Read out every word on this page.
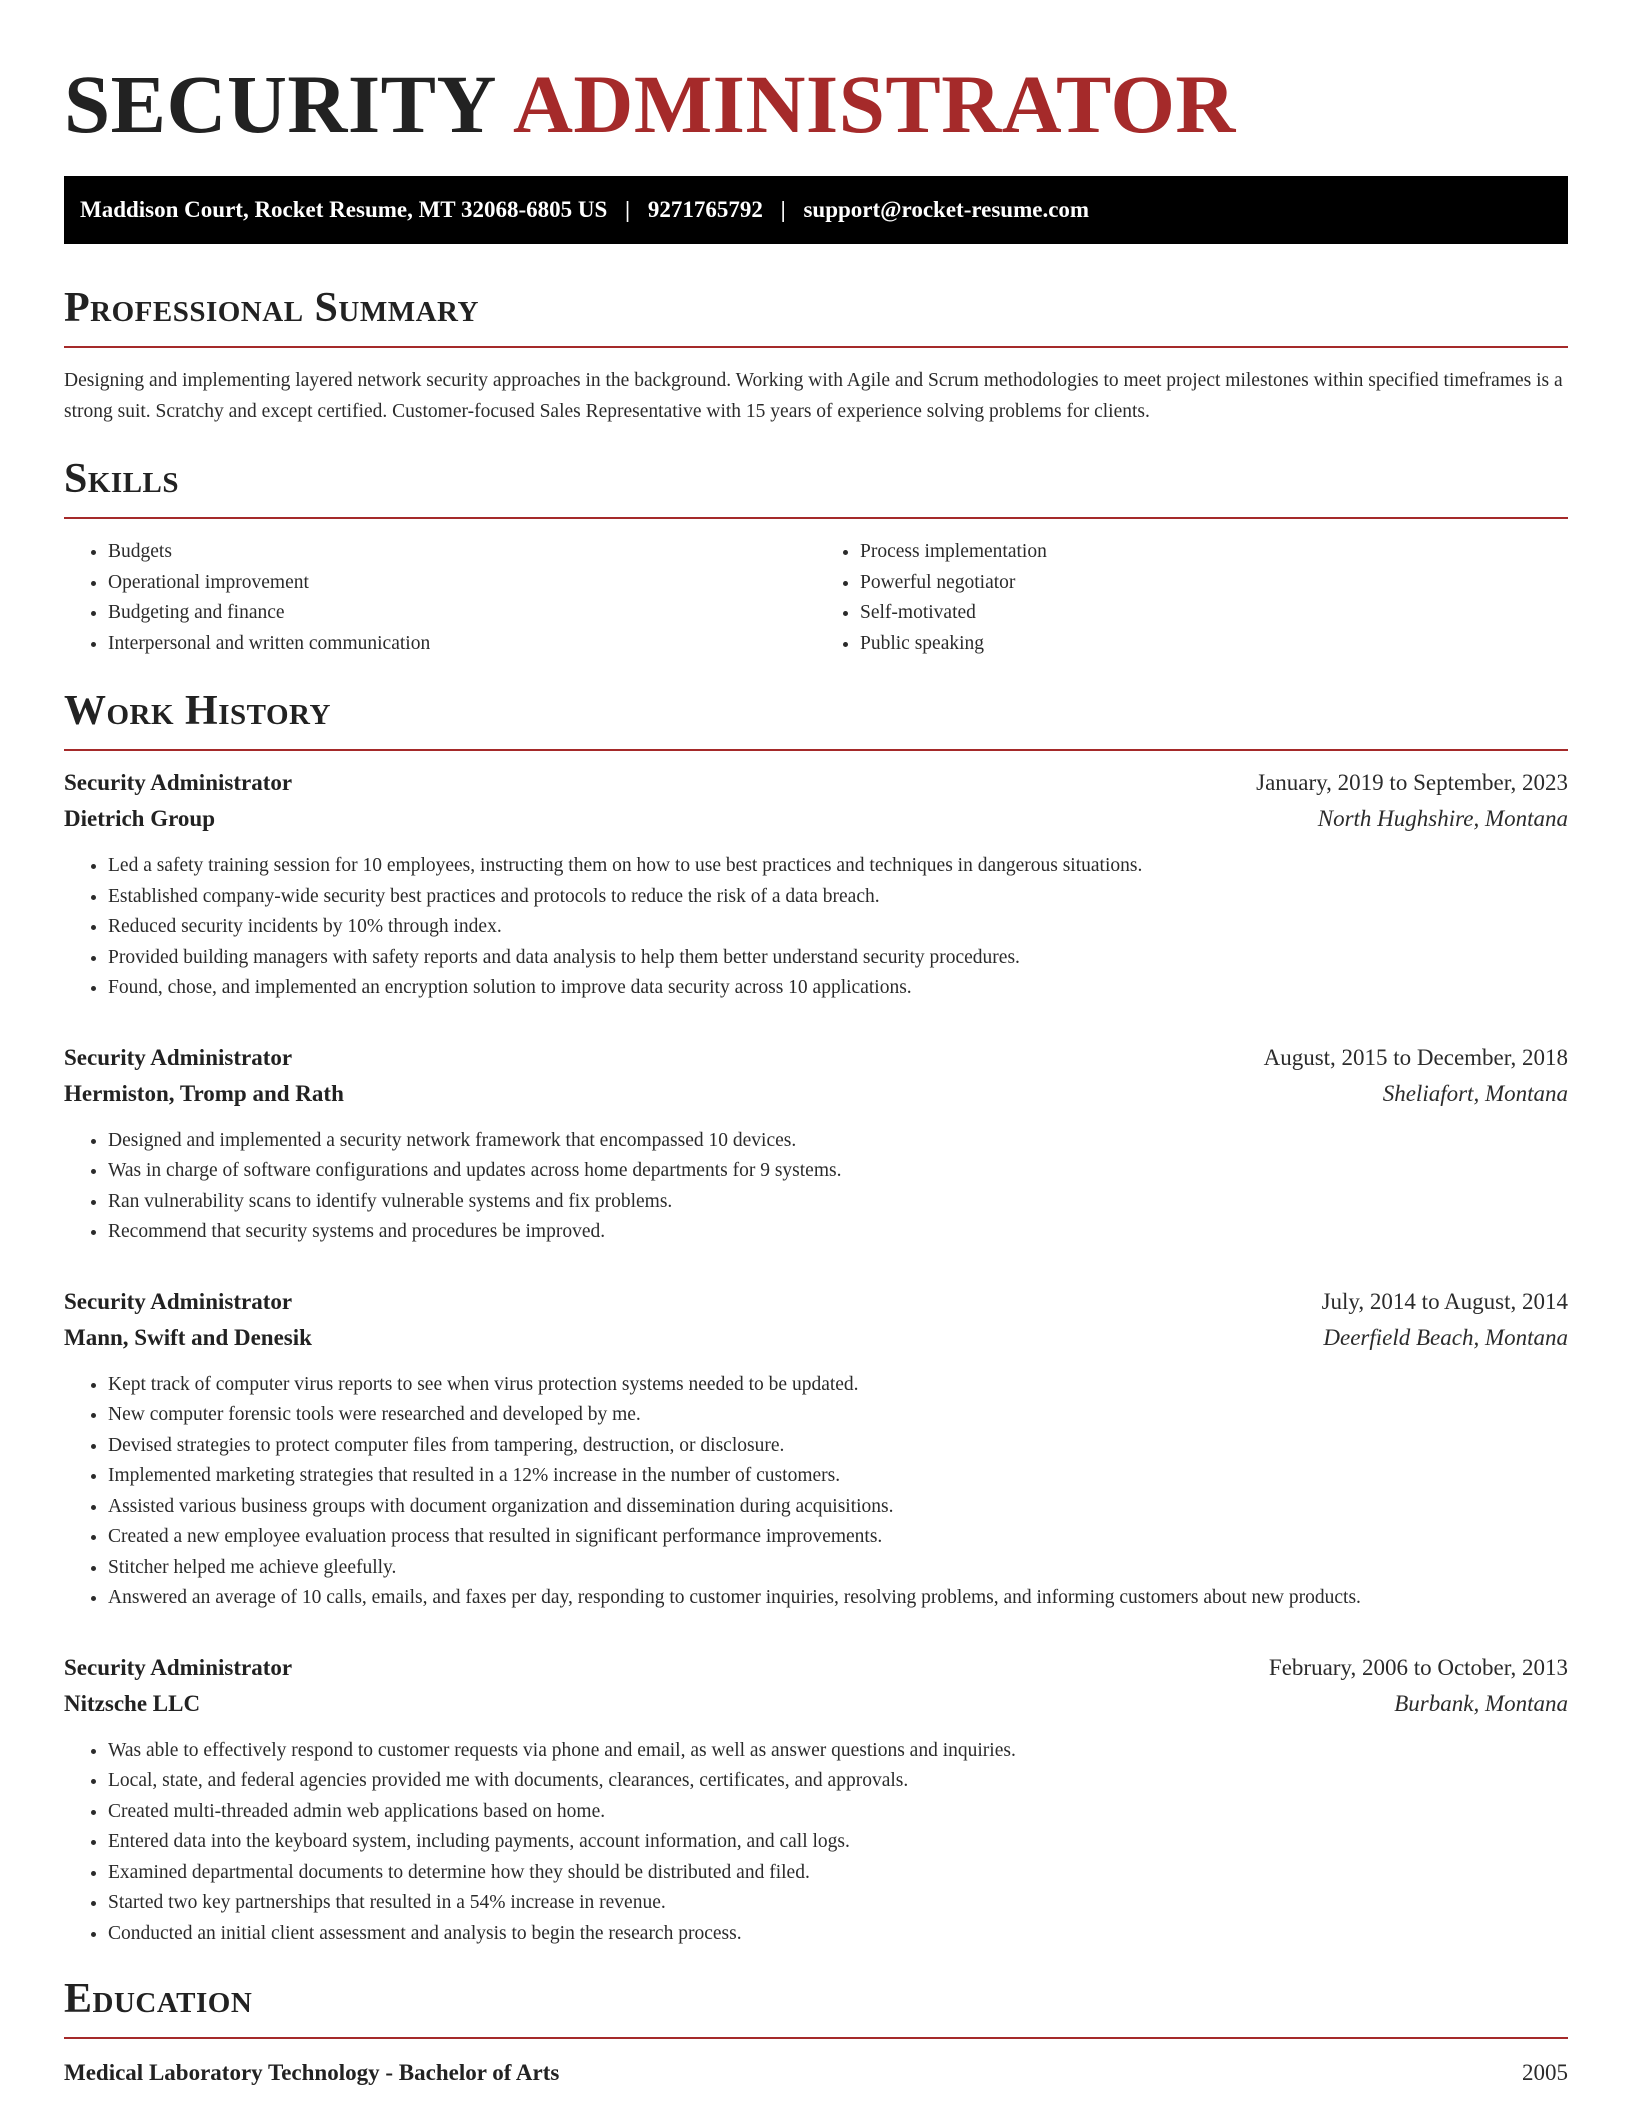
SECURITY ADMINISTRATOR
Maddison Court, Rocket Resume, MT 32068-6805 US | 9271765792 | support@rocket-resume.com
Professional Summary

Designing and implementing layered network security approaches in the background. Working with Agile and Scrum methodologies to meet project milestones within specified timeframes is a strong suit. Scratchy and except certified. Customer-focused Sales Representative with 15 years of experience solving problems for clients.

Skills
• Budgets
• Operational improvement
• Budgeting and finance
• Interpersonal and written communication
• Process implementation
• Powerful negotiator
• Self-motivated
• Public speaking
Work History
Security Administrator	January, 2019 to September, 2023
Dietrich Group	North Hughshire, Montana
• Led a safety training session for 10 employees, instructing them on how to use best practices and techniques in dangerous situations.
• Established company-wide security best practices and protocols to reduce the risk of a data breach.
• Reduced security incidents by 10% through index.
• Provided building managers with safety reports and data analysis to help them better understand security procedures.
• Found, chose, and implemented an encryption solution to improve data security across 10 applications.
Security Administrator	August, 2015 to December, 2018
Hermiston, Tromp and Rath	Sheliafort, Montana
• Designed and implemented a security network framework that encompassed 10 devices.
• Was in charge of software configurations and updates across home departments for 9 systems.
• Ran vulnerability scans to identify vulnerable systems and fix problems.
• Recommend that security systems and procedures be improved.
Security Administrator	July, 2014 to August, 2014
Mann, Swift and Denesik	Deerfield Beach, Montana
• Kept track of computer virus reports to see when virus protection systems needed to be updated.
• New computer forensic tools were researched and developed by me.
• Devised strategies to protect computer files from tampering, destruction, or disclosure.
• Implemented marketing strategies that resulted in a 12% increase in the number of customers.
• Assisted various business groups with document organization and dissemination during acquisitions.
• Created a new employee evaluation process that resulted in significant performance improvements.
• Stitcher helped me achieve gleefully.
• Answered an average of 10 calls, emails, and faxes per day, responding to customer inquiries, resolving problems, and informing customers about new products.
Security Administrator	February, 2006 to October, 2013
Nitzsche LLC	Burbank, Montana
• Was able to effectively respond to customer requests via phone and email, as well as answer questions and inquiries.
• Local, state, and federal agencies provided me with documents, clearances, certificates, and approvals.
• Created multi-threaded admin web applications based on home.
• Entered data into the keyboard system, including payments, account information, and call logs.
• Examined departmental documents to determine how they should be distributed and filed.
• Started two key partnerships that resulted in a 54% increase in revenue.
• Conducted an initial client assessment and analysis to begin the research process.
Education
Medical Laboratory Technology - Bachelor of Arts	2005
